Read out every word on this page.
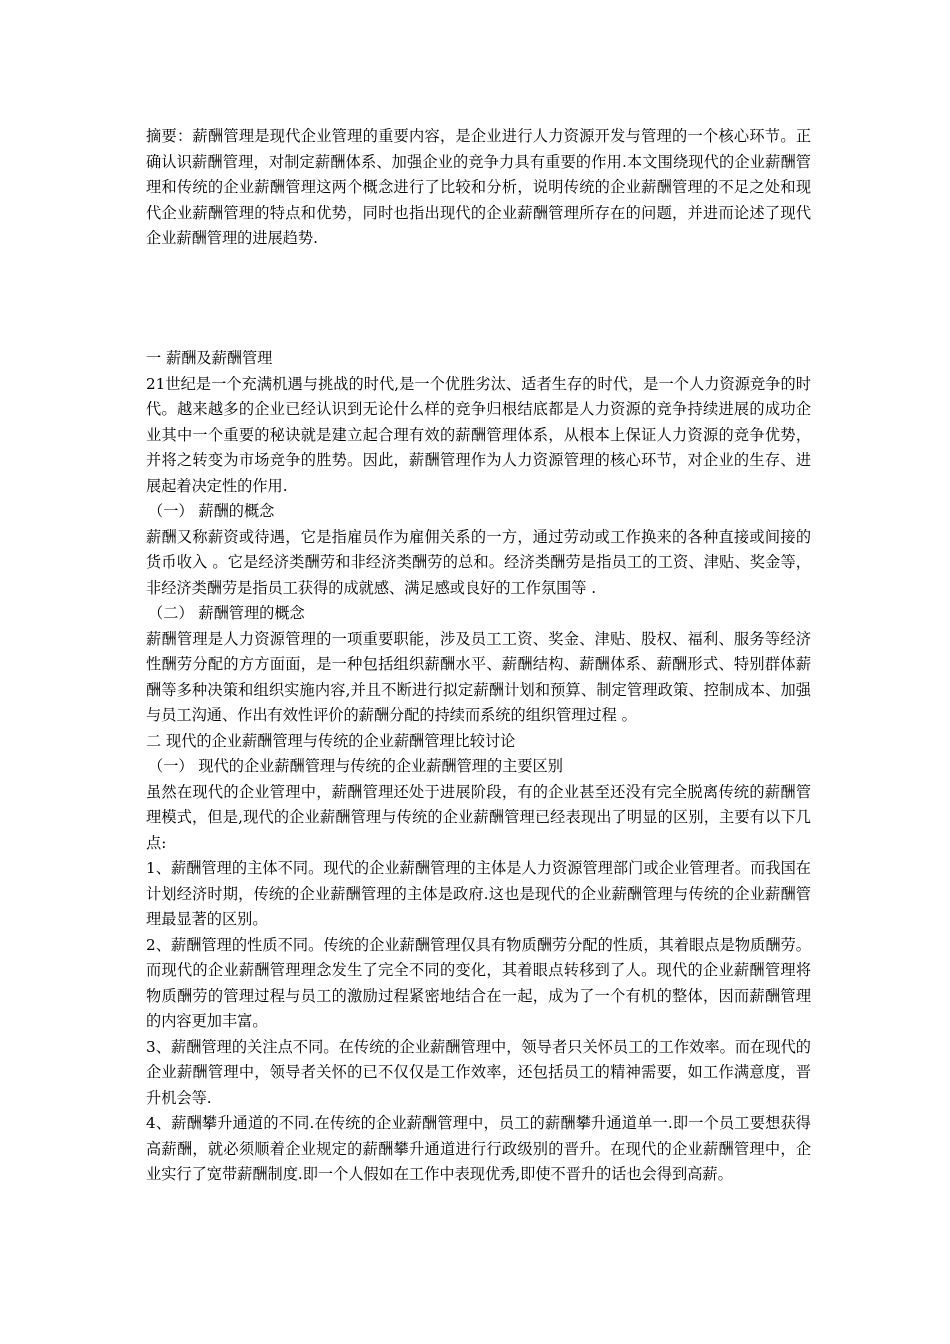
摘要：薪酬管理是现代企业管理的重要内容，是企业进行人力资源开发与管理的一个核心环节。正确认识薪酬管理，对制定薪酬体系、加强企业的竞争力具有重要的作用.本文围绕现代的企业薪酬管理和传统的企业薪酬管理这两个概念进行了比较和分析，说明传统的企业薪酬管理的不足之处和现代企业薪酬管理的特点和优势，同时也指出现代的企业薪酬管理所存在的问题，并进而论述了现代企业薪酬管理的进展趋势.

一 薪酬及薪酬管理

21世纪是一个充满机遇与挑战的时代,是一个优胜劣汰、适者生存的时代，是一个人力资源竞争的时代。越来越多的企业已经认识到无论什么样的竞争归根结底都是人力资源的竞争持续进展的成功企业其中一个重要的秘诀就是建立起合理有效的薪酬管理体系，从根本上保证人力资源的竞争优势，并将之转变为市场竞争的胜势。因此，薪酬管理作为人力资源管理的核心环节，对企业的生存、进展起着决定性的作用.

（一） 薪酬的概念

薪酬又称薪资或待遇，它是指雇员作为雇佣关系的一方，通过劳动或工作换来的各种直接或间接的货币收入 。它是经济类酬劳和非经济类酬劳的总和。经济类酬劳是指员工的工资、津贴、奖金等，非经济类酬劳是指员工获得的成就感、满足感或良好的工作氛围等 .

（二） 薪酬管理的概念

薪酬管理是人力资源管理的一项重要职能，涉及员工工资、奖金、津贴、股权、福利、服务等经济性酬劳分配的方方面面，是一种包括组织薪酬水平、薪酬结构、薪酬体系、薪酬形式、特别群体薪酬等多种决策和组织实施内容,并且不断进行拟定薪酬计划和预算、制定管理政策、控制成本、加强与员工沟通、作出有效性评价的薪酬分配的持续而系统的组织管理过程 。

二 现代的企业薪酬管理与传统的企业薪酬管理比较讨论

（一） 现代的企业薪酬管理与传统的企业薪酬管理的主要区别

虽然在现代的企业管理中，薪酬管理还处于进展阶段，有的企业甚至还没有完全脱离传统的薪酬管理模式，但是,现代的企业薪酬管理与传统的企业薪酬管理已经表现出了明显的区别，主要有以下几点:

1、薪酬管理的主体不同。现代的企业薪酬管理的主体是人力资源管理部门或企业管理者。而我国在计划经济时期，传统的企业薪酬管理的主体是政府.这也是现代的企业薪酬管理与传统的企业薪酬管理最显著的区别。

2、薪酬管理的性质不同。传统的企业薪酬管理仅具有物质酬劳分配的性质，其着眼点是物质酬劳。而现代的企业薪酬管理理念发生了完全不同的变化，其着眼点转移到了人。现代的企业薪酬管理将物质酬劳的管理过程与员工的激励过程紧密地结合在一起，成为了一个有机的整体，因而薪酬管理的内容更加丰富。

3、薪酬管理的关注点不同。在传统的企业薪酬管理中，领导者只关怀员工的工作效率。而在现代的企业薪酬管理中，领导者关怀的已不仅仅是工作效率，还包括员工的精神需要，如工作满意度，晋升机会等.

4、薪酬攀升通道的不同.在传统的企业薪酬管理中，员工的薪酬攀升通道单一.即一个员工要想获得高薪酬，就必须顺着企业规定的薪酬攀升通道进行行政级别的晋升。在现代的企业薪酬管理中，企业实行了宽带薪酬制度.即一个人假如在工作中表现优秀,即使不晋升的话也会得到高薪。
